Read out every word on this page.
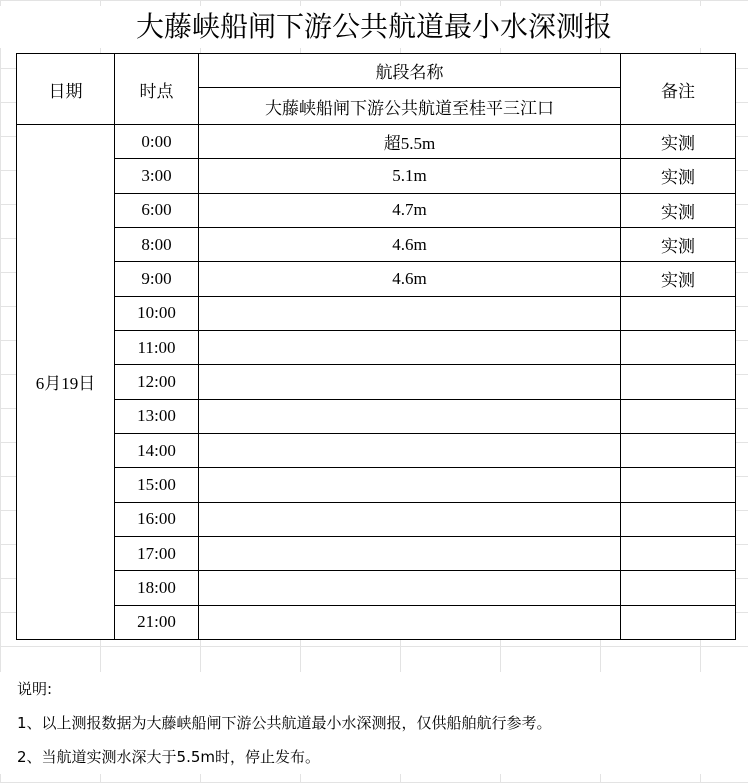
大藤峡船闸下游公共航道最小水深测报
日期	时点	航段名称	备注
		大藤峡船闸下游公共航道至桂平三江口	
6月19日	0:00	超5.5m	实测
	3:00	5.1m	实测
	6:00	4.7m	实测
	8:00	4.6m	实测
	9:00	4.6m	实测
	10:00		
	11:00		
	12:00		
	13:00		
	14:00		
	15:00		
	16:00		
	17:00		
	18:00		
	21:00		
说明:
1、以上测报数据为大藤峡船闸下游公共航道最小水深测报，仅供船舶航行参考。
2、当航道实测水深大于5.5m时，停止发布。
